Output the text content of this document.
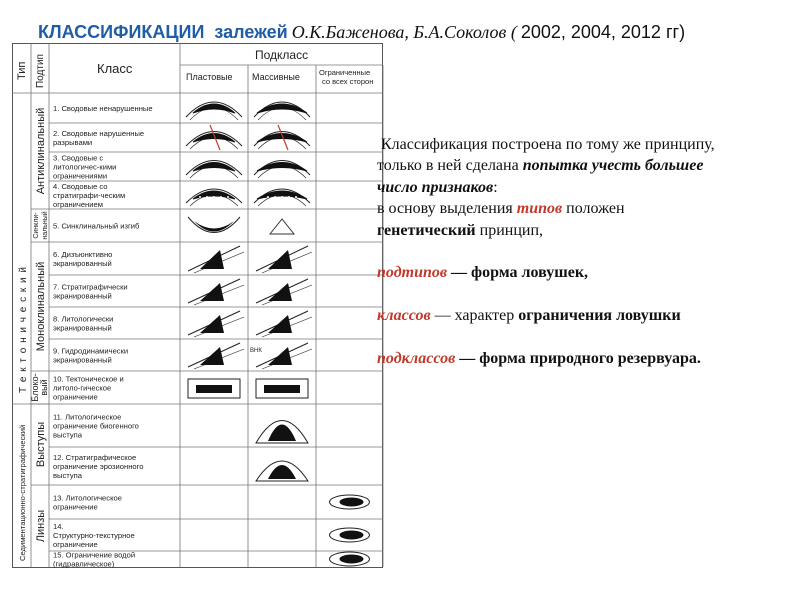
КЛАССИФИКАЦИИ залежей О.К.Баженова, Б.А.Соколов ( 2002, 2004, 2012 гг)
Тип Подтип	Класс
Подкласс
Пластовые Массивные	Ограниченные
со всех сторон
Т е к т о н и ч е с к и й
Седиментационно-стратиграфический
Антиклинальный
Синкли- нальный
Моноклинальный
Блоко- вый
Выступы
Линзы
1. Сводовые ненарушенные
2. Сводовые нарушенные
разрывами
3. Сводовые с
литологичес-кими
ограничениями
4. Сводовые со
стратиграфи-ческим
ограничением
5. Синклинальный изгиб
6. Дизъюнктивно
экранированный
7. Стратиграфически
экранированный
8. Литологически
экранированный
9. Гидродинамически
экранированный
10. Тектоническое и
литоло-гическое
ограничение
11. Литологическое
ограничение биогенного
выступа
12. Стратиграфическое
ограничение эрозионного
выступа
13. Литологическое
ограничение
14.
Структурно-текстурное
ограничение
15. Ограничение водой
(гидравлическое)
ВНК

Классификация построена по тому же принципу,

только в ней сделана попытка учесть большее

число признаков:

в основу выделения типов положен

генетический принцип,

подтипов — форма ловушек,

классов — характер ограничения ловушки

подклассов — форма природного резервуара.
